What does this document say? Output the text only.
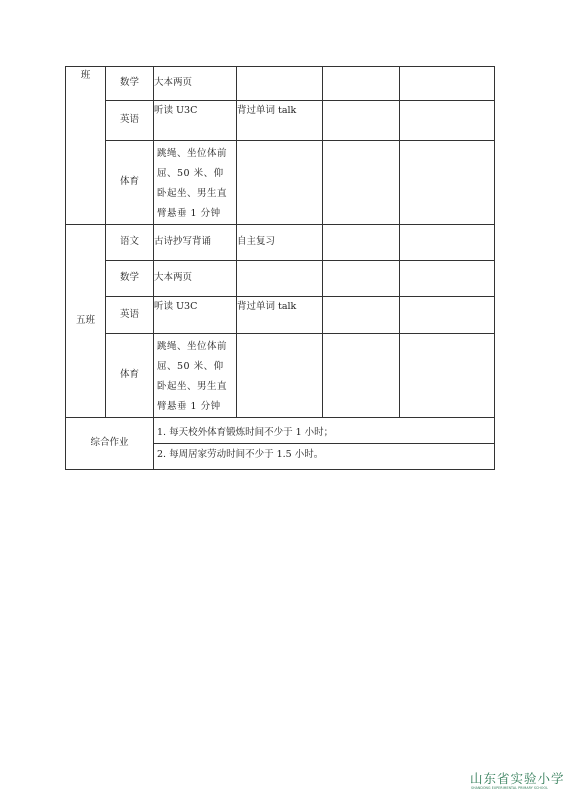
班	数学	大本两页			
	英语	听读 U3C	背过单词 talk		
	体育	跳绳、坐位体前屈、50 米、仰卧起坐、男生直臂悬垂 1 分钟			
五班	语文	古诗抄写背诵	自主复习		
	数学	大本两页			
	英语	听读 U3C	背过单词 talk		
	体育	跳绳、坐位体前屈、50 米、仰卧起坐、男生直臂悬垂 1 分钟			
综合作业		1. 每天校外体育锻炼时间不少于 1 小时；
2. 每周居家劳动时间不少于 1.5 小时。			
山东省实验小学
SHANDONG EXPERIMENTAL PRIMARY SCHOOL
